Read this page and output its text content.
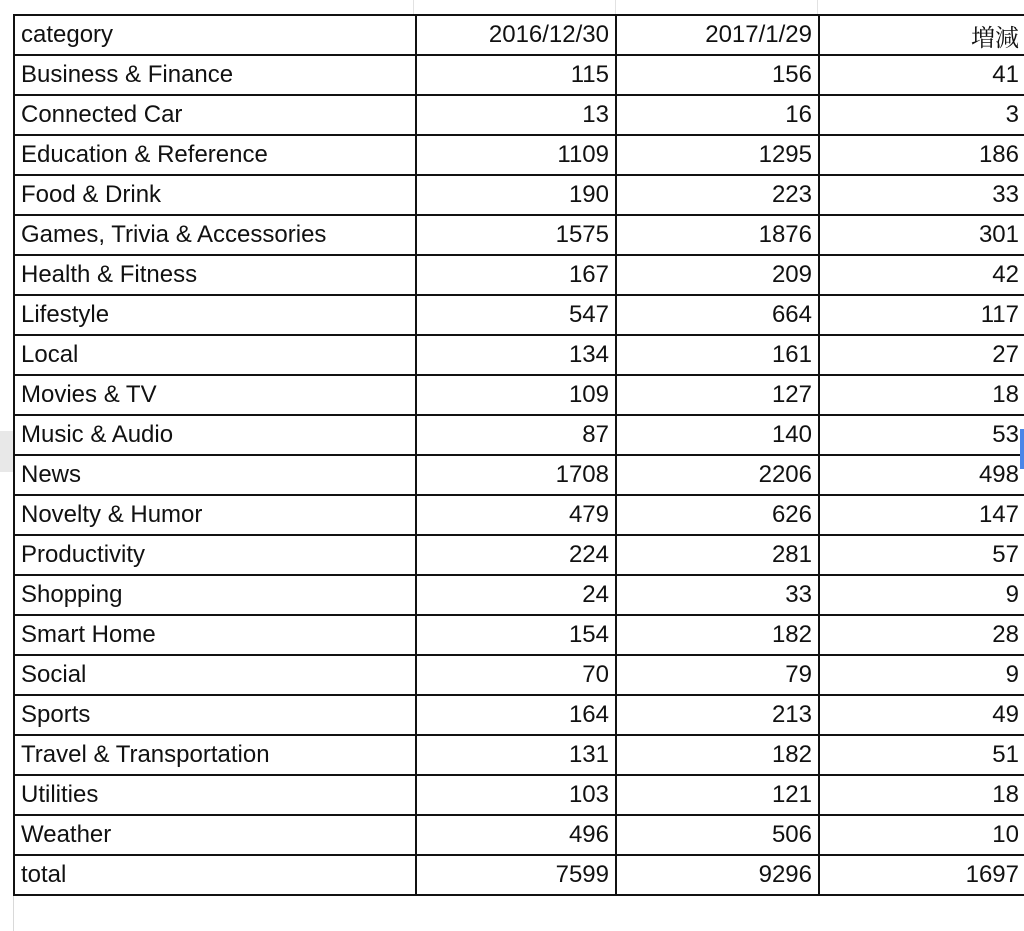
category	2016/12/30	2017/1/29	増減
Business & Finance	115	156	41
Connected Car	13	16	3
Education & Reference	1109	1295	186
Food & Drink	190	223	33
Games, Trivia & Accessories	1575	1876	301
Health & Fitness	167	209	42
Lifestyle	547	664	117
Local	134	161	27
Movies & TV	109	127	18
Music & Audio	87	140	53
News	1708	2206	498
Novelty & Humor	479	626	147
Productivity	224	281	57
Shopping	24	33	9
Smart Home	154	182	28
Social	70	79	9
Sports	164	213	49
Travel & Transportation	131	182	51
Utilities	103	121	18
Weather	496	506	10
total	7599	9296	1697
